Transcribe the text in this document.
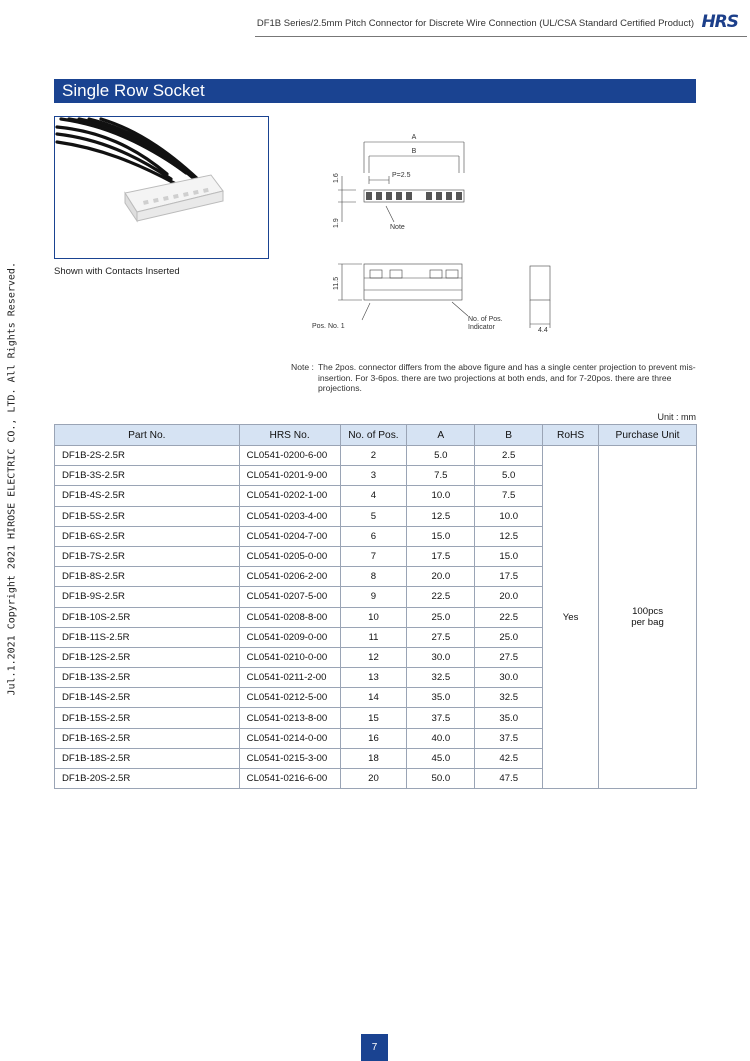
DF1B Series/2.5mm Pitch Connector for Discrete Wire Connection (UL/CSA Standard Certified Product) HRS
Jul.1.2021 Copyright 2021 HIROSE ELECTRIC CO., LTD. All Rights Reserved.
Single Row Socket
Shown with Contacts Inserted
A
B
P=2.5
1.6
1.9	Note
11.5
Pos. No. 1
No. of Pos.
Indicator	4.4
Note : The 2pos. connector differs from the above figure and has a single center projection to prevent mis-insertion. For 3-6pos. there are two projections at both ends, and for 7-20pos. there are three projections.
Unit : mm
Part No.	HRS No.	No. of Pos.	A	B	RoHS	Purchase Unit
DF1B-2S-2.5R	CL0541-0200-6-00	2	5.0	2.5	Yes	100pcs
per bag

DF1B-3S-2.5R	CL0541-0201-9-00	3	7.5	5.0		
DF1B-4S-2.5R	CL0541-0202-1-00	4	10.0	7.5		
DF1B-5S-2.5R	CL0541-0203-4-00	5	12.5	10.0		
DF1B-6S-2.5R	CL0541-0204-7-00	6	15.0	12.5		
DF1B-7S-2.5R	CL0541-0205-0-00	7	17.5	15.0		
DF1B-8S-2.5R	CL0541-0206-2-00	8	20.0	17.5		
DF1B-9S-2.5R	CL0541-0207-5-00	9	22.5	20.0		
DF1B-10S-2.5R	CL0541-0208-8-00	10	25.0	22.5		
DF1B-11S-2.5R	CL0541-0209-0-00	11	27.5	25.0		
DF1B-12S-2.5R	CL0541-0210-0-00	12	30.0	27.5		
DF1B-13S-2.5R	CL0541-0211-2-00	13	32.5	30.0		
DF1B-14S-2.5R	CL0541-0212-5-00	14	35.0	32.5		
DF1B-15S-2.5R	CL0541-0213-8-00	15	37.5	35.0		
DF1B-16S-2.5R	CL0541-0214-0-00	16	40.0	37.5		
DF1B-18S-2.5R	CL0541-0215-3-00	18	45.0	42.5		
DF1B-20S-2.5R	CL0541-0216-6-00	20	50.0	47.5		
7
